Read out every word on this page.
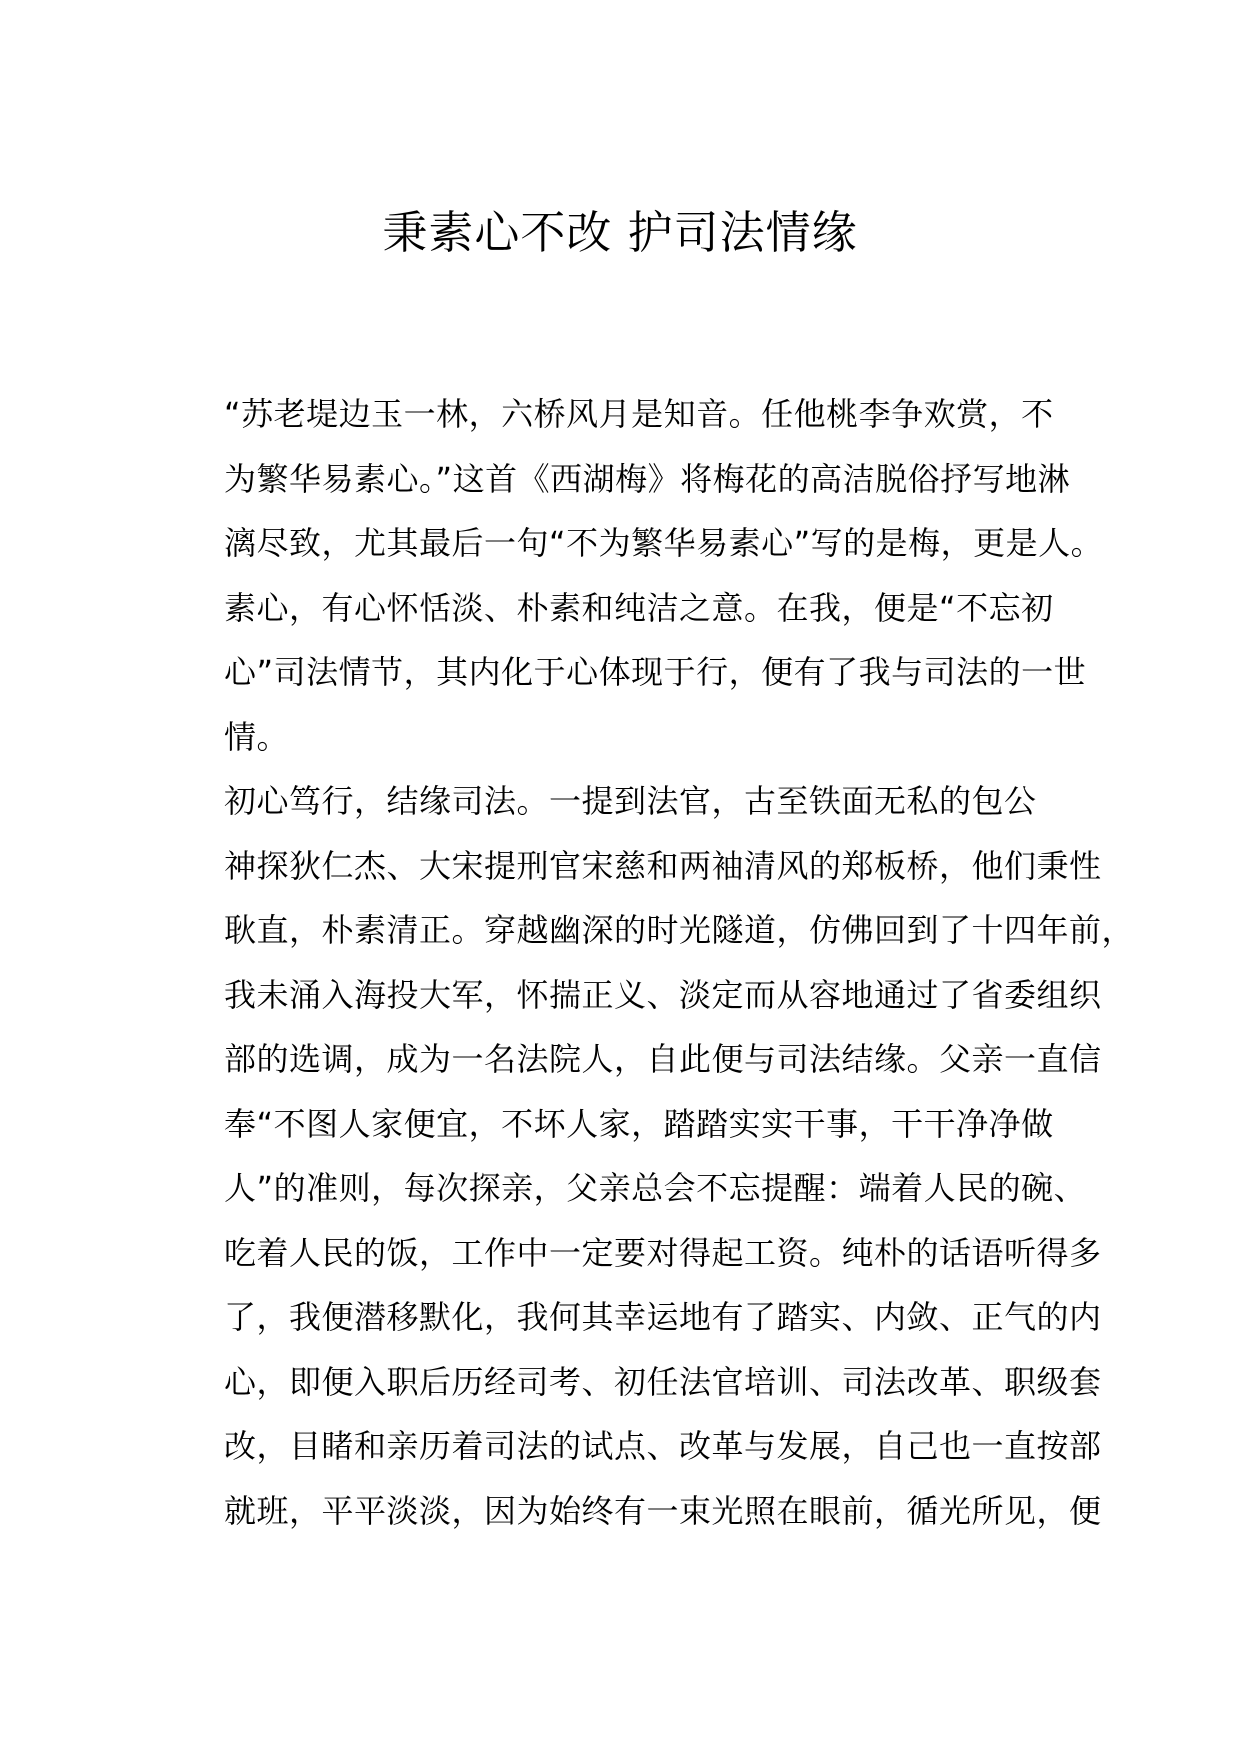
秉素心不改 护司法情缘

“苏老堤边玉一林，六桥风月是知音。任他桃李争欢赏，不
为繁华易素心。”这首《西湖梅》将梅花的高洁脱俗抒写地淋
漓尽致，尤其最后一句“不为繁华易素心”写的是梅，更是人。
素心，有心怀恬淡、朴素和纯洁之意。在我，便是“不忘初
心”司法情节，其内化于心体现于行，便有了我与司法的一世
情。

初心笃行，结缘司法。一提到法官，古至铁面无私的包公
神探狄仁杰、大宋提刑官宋慈和两袖清风的郑板桥，他们秉性
耿直，朴素清正。穿越幽深的时光隧道，仿佛回到了十四年前，
我未涌入海投大军，怀揣正义、淡定而从容地通过了省委组织
部的选调，成为一名法院人，自此便与司法结缘。父亲一直信
奉“不图人家便宜，不坏人家，踏踏实实干事，干干净净做
人”的准则，每次探亲，父亲总会不忘提醒：端着人民的碗、
吃着人民的饭，工作中一定要对得起工资。纯朴的话语听得多
了，我便潜移默化，我何其幸运地有了踏实、内敛、正气的内
心，即便入职后历经司考、初任法官培训、司法改革、职级套
改，目睹和亲历着司法的试点、改革与发展，自己也一直按部
就班，平平淡淡，因为始终有一束光照在眼前，循光所见，便
